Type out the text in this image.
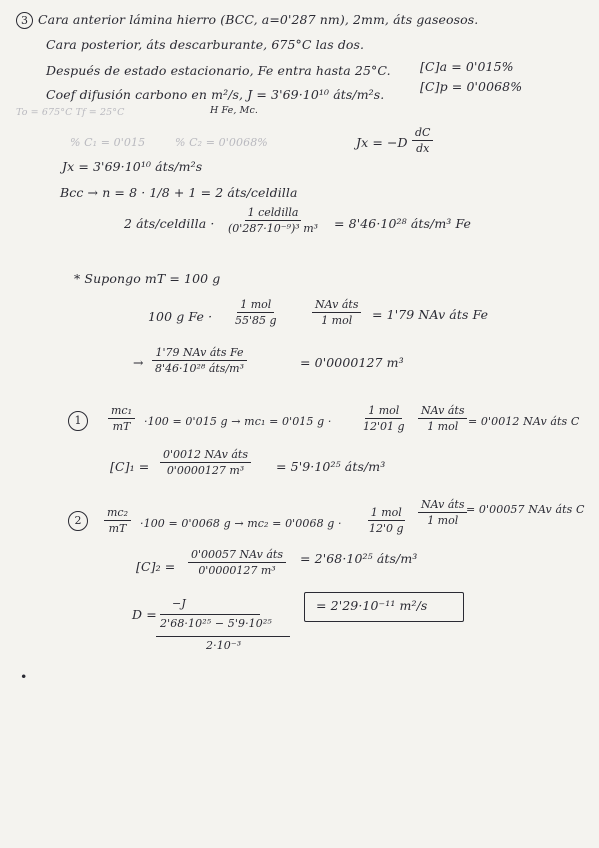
3 Cara anterior lámina hierro (BCC, a=0'287 nm), 2mm, áts gaseosos.
Cara posterior, áts descarburante, 675°C las dos.
Después de estado estacionario, Fe entra hasta 25°C. [C]a = 0'015%
Coef difusión carbono en m²/s, J = 3'69·10¹⁰ áts/m²s.
[C]p = 0'0068%
To = 675°C Tf = 25°C	H Fe, Mc.
% C₁ = 0'015	% C₂ = 0'0068%
Jx = 3'69·10¹⁰ áts/m²s
$Jx = -D \frac{dC}{dx}$
Bcc → n = 8 · 1/8 + 1 = 2 áts/celdilla
2 áts/celdilla ·
1 celdilla
(0'287·10⁻⁹)³ m³ = 8'46·10²⁸ áts/m³ Fe
* Supongo mT = 100 g
100 g Fe ·
1 mol
55'85 g
NAv áts
1 mol = 1'79 NAv áts Fe
→
1'79 NAv áts Fe
8'46·10²⁸ áts/m³	= 0'0000127 m³
1	$\frac{\text{mc₁}}{mT} \cdot 100 = 0'015$ g → mc₁ = 0'015 g ·
1 mol
12'01 g
NAv áts
1 mol = 0'0012 NAv áts C
[C]₁ =
0'0012 NAv áts
0'0000127 m³	= 5'9·10²⁵ áts/m³
2	$\frac{\text{mc₂}}{mT} \cdot 100 = 0'0068$ g → mc₂ = 0'0068 g ·
1 mol
12'0 g
NAv áts
1 mol
= 0'00057 NAv áts C
[C]₂ =
0'00057 NAv áts
0'0000127 m³
= 2'68·10²⁵ áts/m³
D =
−J
2'68·10²⁵ − 5'9·10²⁵
2·10⁻³
= 2'29·10⁻¹¹ m²/s
•
